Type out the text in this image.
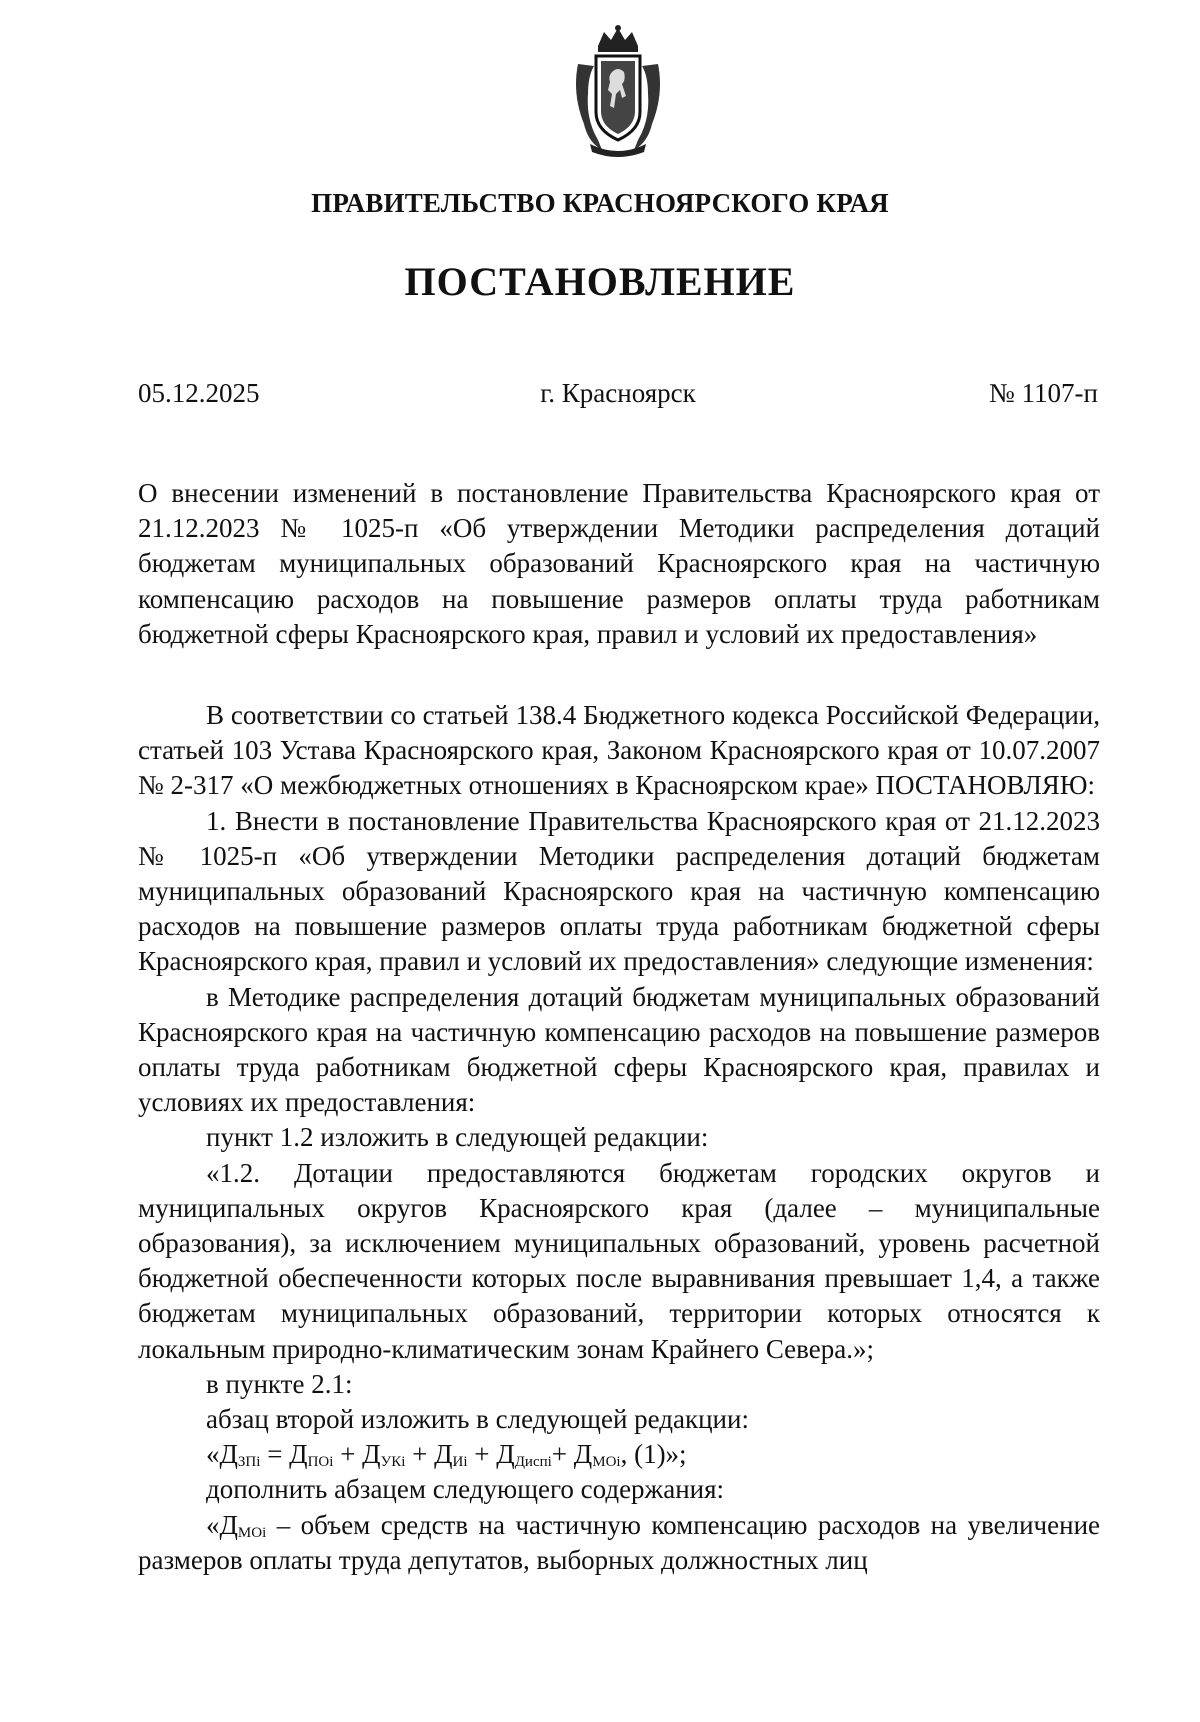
ПРАВИТЕЛЬСТВО КРАСНОЯРСКОГО КРАЯ
ПОСТАНОВЛЕНИЕ
г. Красноярск
05.12.2025	№ 1107-п

О внесении изменений в постановление Правительства Красноярского края от 21.12.2023 № 1025-п «Об утверждении Методики распределения дотаций бюджетам муниципальных образований Красноярского края на частичную компенсацию расходов на повышение размеров оплаты труда работникам бюджетной сферы Красноярского края, правил и условий их предоставления»

В соответствии со статьей 138.4 Бюджетного кодекса Российской Федерации, статьей 103 Устава Красноярского края, Законом Красноярского края от 10.07.2007 № 2-317 «О межбюджетных отношениях в Красноярском крае» ПОСТАНОВЛЯЮ:

1. Внести в постановление Правительства Красноярского края от 21.12.2023 № 1025-п «Об утверждении Методики распределения дотаций бюджетам муниципальных образований Красноярского края на частичную компенсацию расходов на повышение размеров оплаты труда работникам бюджетной сферы Красноярского края, правил и условий их предоставления» следующие изменения:

в Методике распределения дотаций бюджетам муниципальных образований Красноярского края на частичную компенсацию расходов на повышение размеров оплаты труда работникам бюджетной сферы Красноярского края, правилах и условиях их предоставления:

пункт 1.2 изложить в следующей редакции:

«1.2. Дотации предоставляются бюджетам городских округов и муниципальных округов Красноярского края (далее – муниципальные образования), за исключением муниципальных образований, уровень расчетной бюджетной обеспеченности которых после выравнивания превышает 1,4, а также бюджетам муниципальных образований, территории которых относятся к локальным природно-климатическим зонам Крайнего Севера.»;

в пункте 2.1:

абзац второй изложить в следующей редакции:

«$Д_{ЗПi} = Д_{ПОi} + Д_{УКi} + Д_{Иi} + Д_{Диспi}+ Д_{МОi}$, (1)»;

дополнить абзацем следующего содержания:

«$Д_{МОi}$ – объем средств на частичную компенсацию расходов на увеличение размеров оплаты труда депутатов, выборных должностных лиц
